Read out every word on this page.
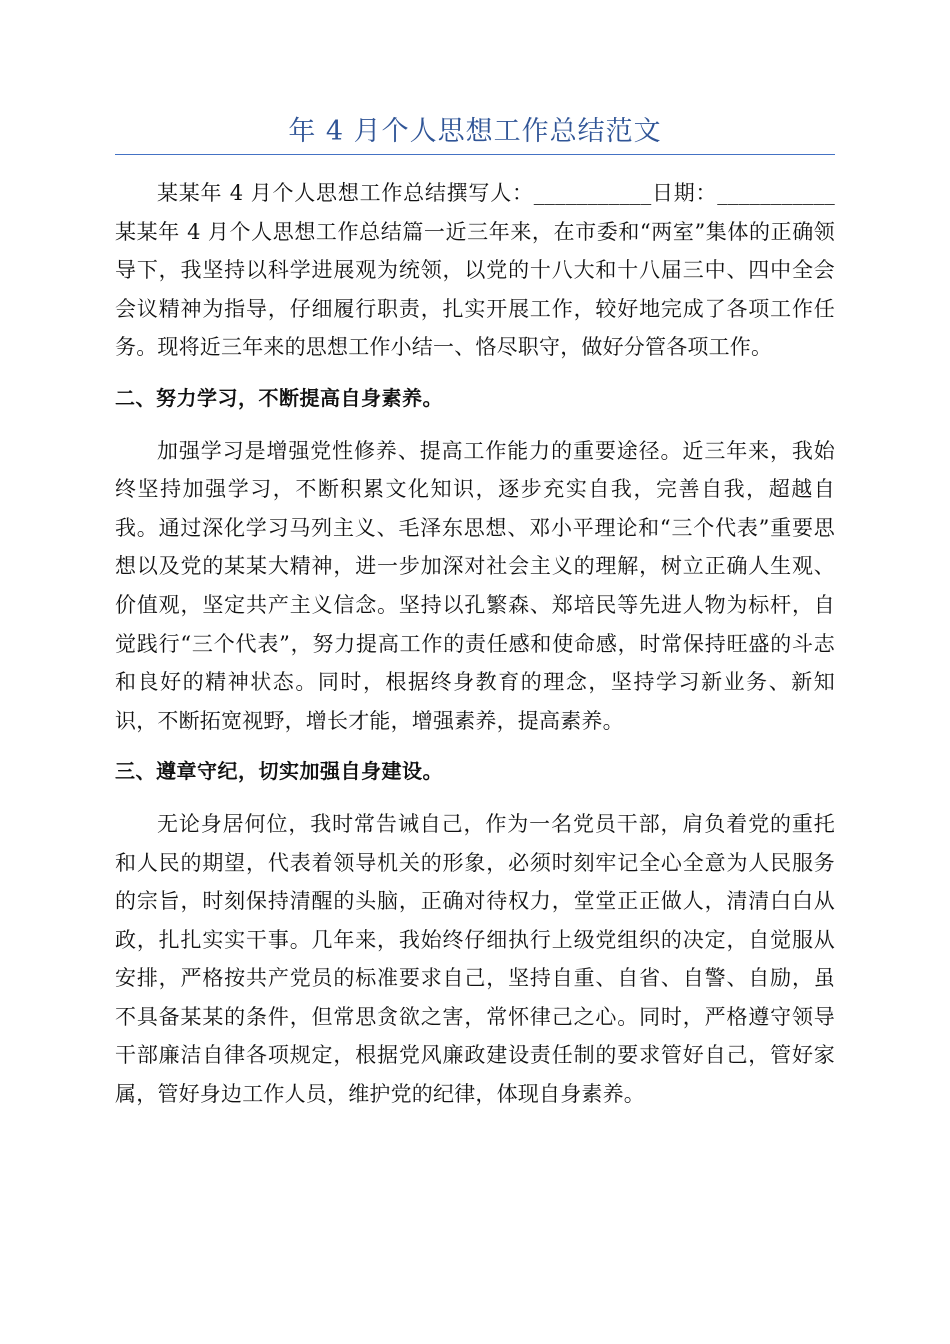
年 4 月个人思想工作总结范文

某某年 4 月个人思想工作总结撰写人：___________日期：___________某某年 4 月个人思想工作总结篇一近三年来，在市委和“两室”集体的正确领导下，我坚持以科学进展观为统领，以党的十八大和十八届三中、四中全会会议精神为指导，仔细履行职责，扎实开展工作，较好地完成了各项工作任务。现将近三年来的思想工作小结一、恪尽职守，做好分管各项工作。

二、努力学习，不断提高自身素养。

加强学习是增强党性修养、提高工作能力的重要途径。近三年来，我始终坚持加强学习，不断积累文化知识，逐步充实自我，完善自我，超越自我。通过深化学习马列主义、毛泽东思想、邓小平理论和“三个代表”重要思想以及党的某某大精神，进一步加深对社会主义的理解，树立正确人生观、价值观，坚定共产主义信念。坚持以孔繁森、郑培民等先进人物为标杆，自觉践行“三个代表”，努力提高工作的责任感和使命感，时常保持旺盛的斗志和良好的精神状态。同时，根据终身教育的理念，坚持学习新业务、新知识，不断拓宽视野，增长才能，增强素养，提高素养。

三、遵章守纪，切实加强自身建设。

无论身居何位，我时常告诫自己，作为一名党员干部，肩负着党的重托和人民的期望，代表着领导机关的形象，必须时刻牢记全心全意为人民服务的宗旨，时刻保持清醒的头脑，正确对待权力，堂堂正正做人，清清白白从政，扎扎实实干事。几年来，我始终仔细执行上级党组织的决定，自觉服从安排，严格按共产党员的标准要求自己，坚持自重、自省、自警、自励，虽不具备某某的条件，但常思贪欲之害，常怀律己之心。同时，严格遵守领导干部廉洁自律各项规定，根据党风廉政建设责任制的要求管好自己，管好家属，管好身边工作人员，维护党的纪律，体现自身素养。
